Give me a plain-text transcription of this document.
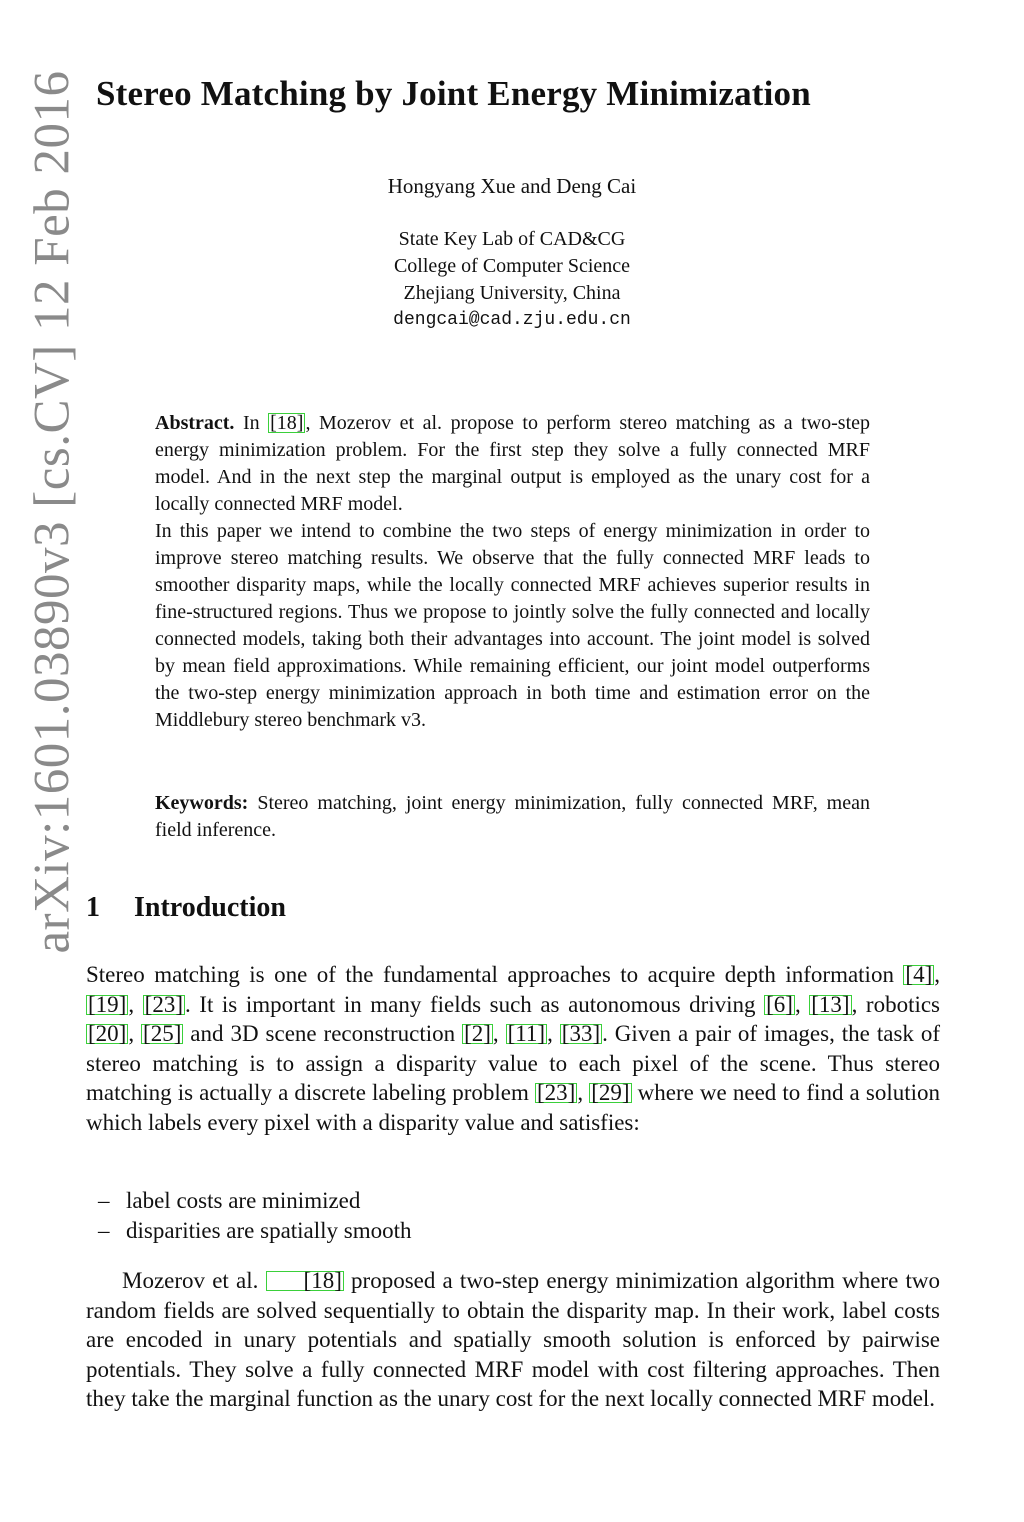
arXiv:1601.03890v3 [cs.CV] 12 Feb 2016 Stereo Matching by Joint Energy Minimization
Hongyang Xue and Deng Cai
State Key Lab of CAD&CG
College of Computer Science
Zhejiang University, China
dengcai@cad.zju.edu.cn

Abstract. In [18] , Mozerov et al. propose to perform stereo matching as a two-step energy minimization problem. For the first step they solve a fully connected MRF model. And in the next step the marginal output is employed as the unary cost for a locally connected MRF model.

In this paper we intend to combine the two steps of energy minimization in order to improve stereo matching results. We observe that the fully connected MRF leads to smoother disparity maps, while the locally connected MRF achieves superior results in fine-structured regions. Thus we propose to jointly solve the fully connected and locally connected models, taking both their advantages into account. The joint model is solved by mean field approximations. While remaining efficient, our joint model outperforms the two-step energy minimization approach in both time and estimation error on the Middlebury stereo benchmark v3.

Keywords: Stereo matching, joint energy minimization, fully connected MRF, mean field inference.
1 Introduction

Stereo matching is one of the fundamental approaches to acquire depth information [4], [19], [23]. It is important in many fields such as autonomous driving [6], [13], robotics [20], [25] and 3D scene reconstruction [2], [11], [33]. Given a pair of images, the task of stereo matching is to assign a disparity value to each pixel of the scene. Thus stereo matching is actually a discrete labeling problem [23], [29] where we need to find a solution which labels every pixel with a disparity value and satisfies:

– label costs are minimized
– disparities are spatially smooth

Mozerov et al. [18] proposed a two-step energy minimization algorithm where two random fields are solved sequentially to obtain the disparity map. In their work, label costs are encoded in unary potentials and spatially smooth solution is enforced by pairwise potentials. They solve a fully connected MRF model with cost filtering approaches. Then they take the marginal function as the unary cost for the next locally connected MRF model.
